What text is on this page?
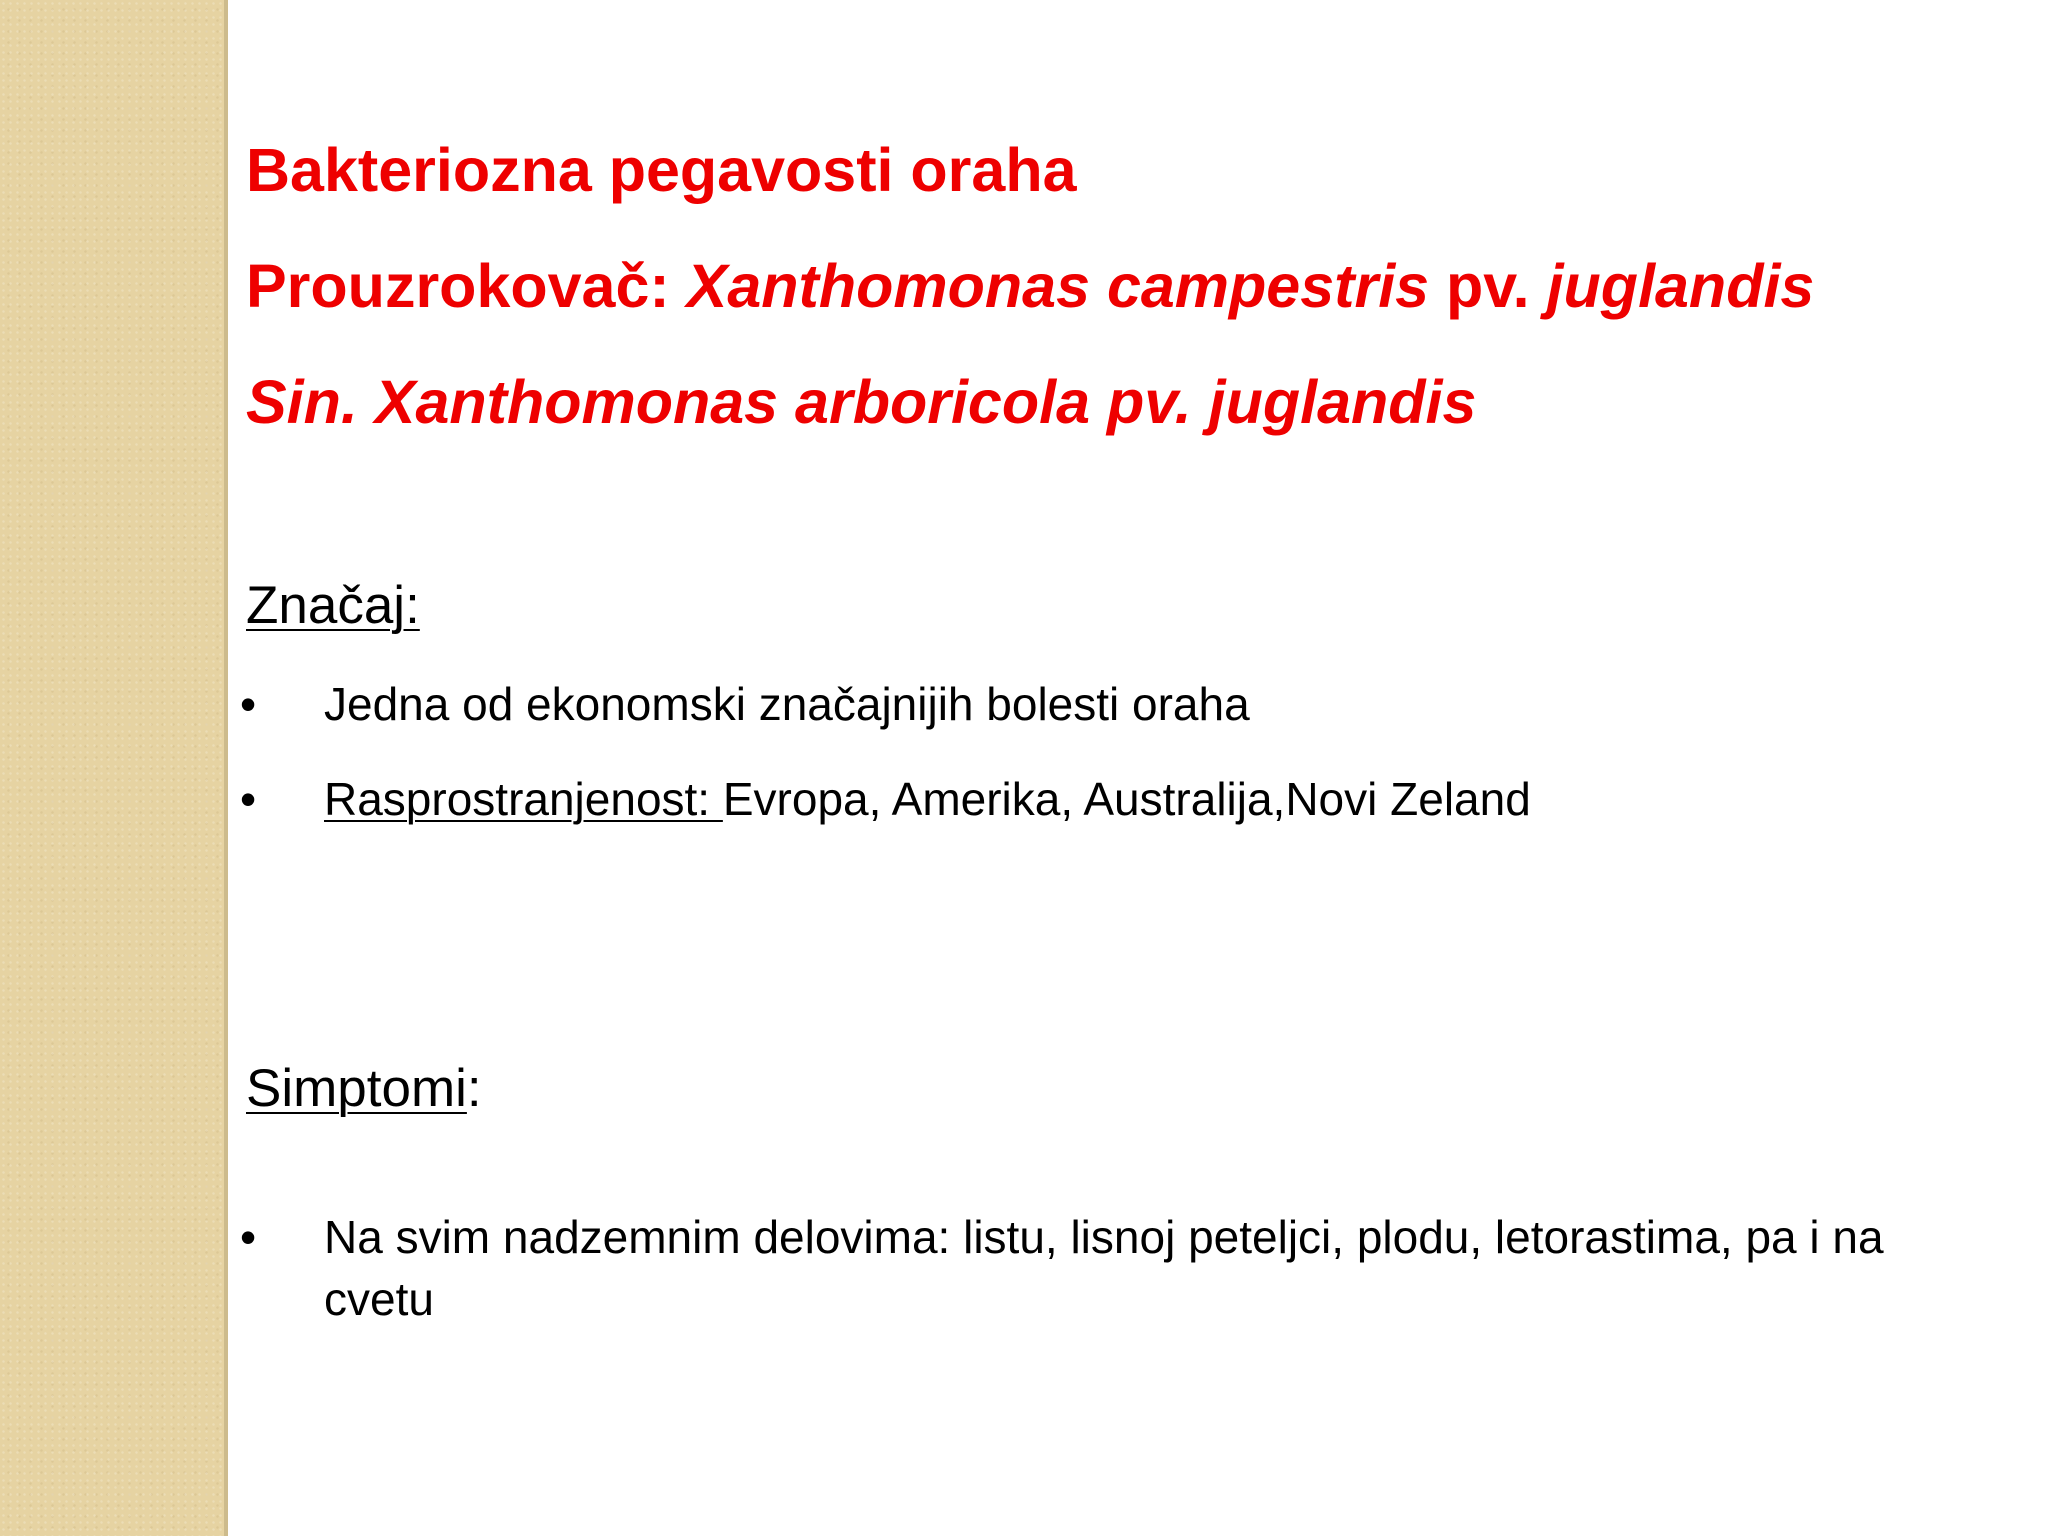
Bakteriozna pegavosti oraha
Prouzrokovač: Xanthomonas campestris pv. juglandis
Sin. Xanthomonas arboricola pv. juglandis
Značaj:
•	Jedna od ekonomski značajnijih bolesti oraha
•	Rasprostranjenost: Evropa, Amerika, Australija,Novi Zeland
Simptomi:
•	Na svim nadzemnim delovima: listu, lisnoj peteljci, plodu, letorastima, pa i na cvetu
